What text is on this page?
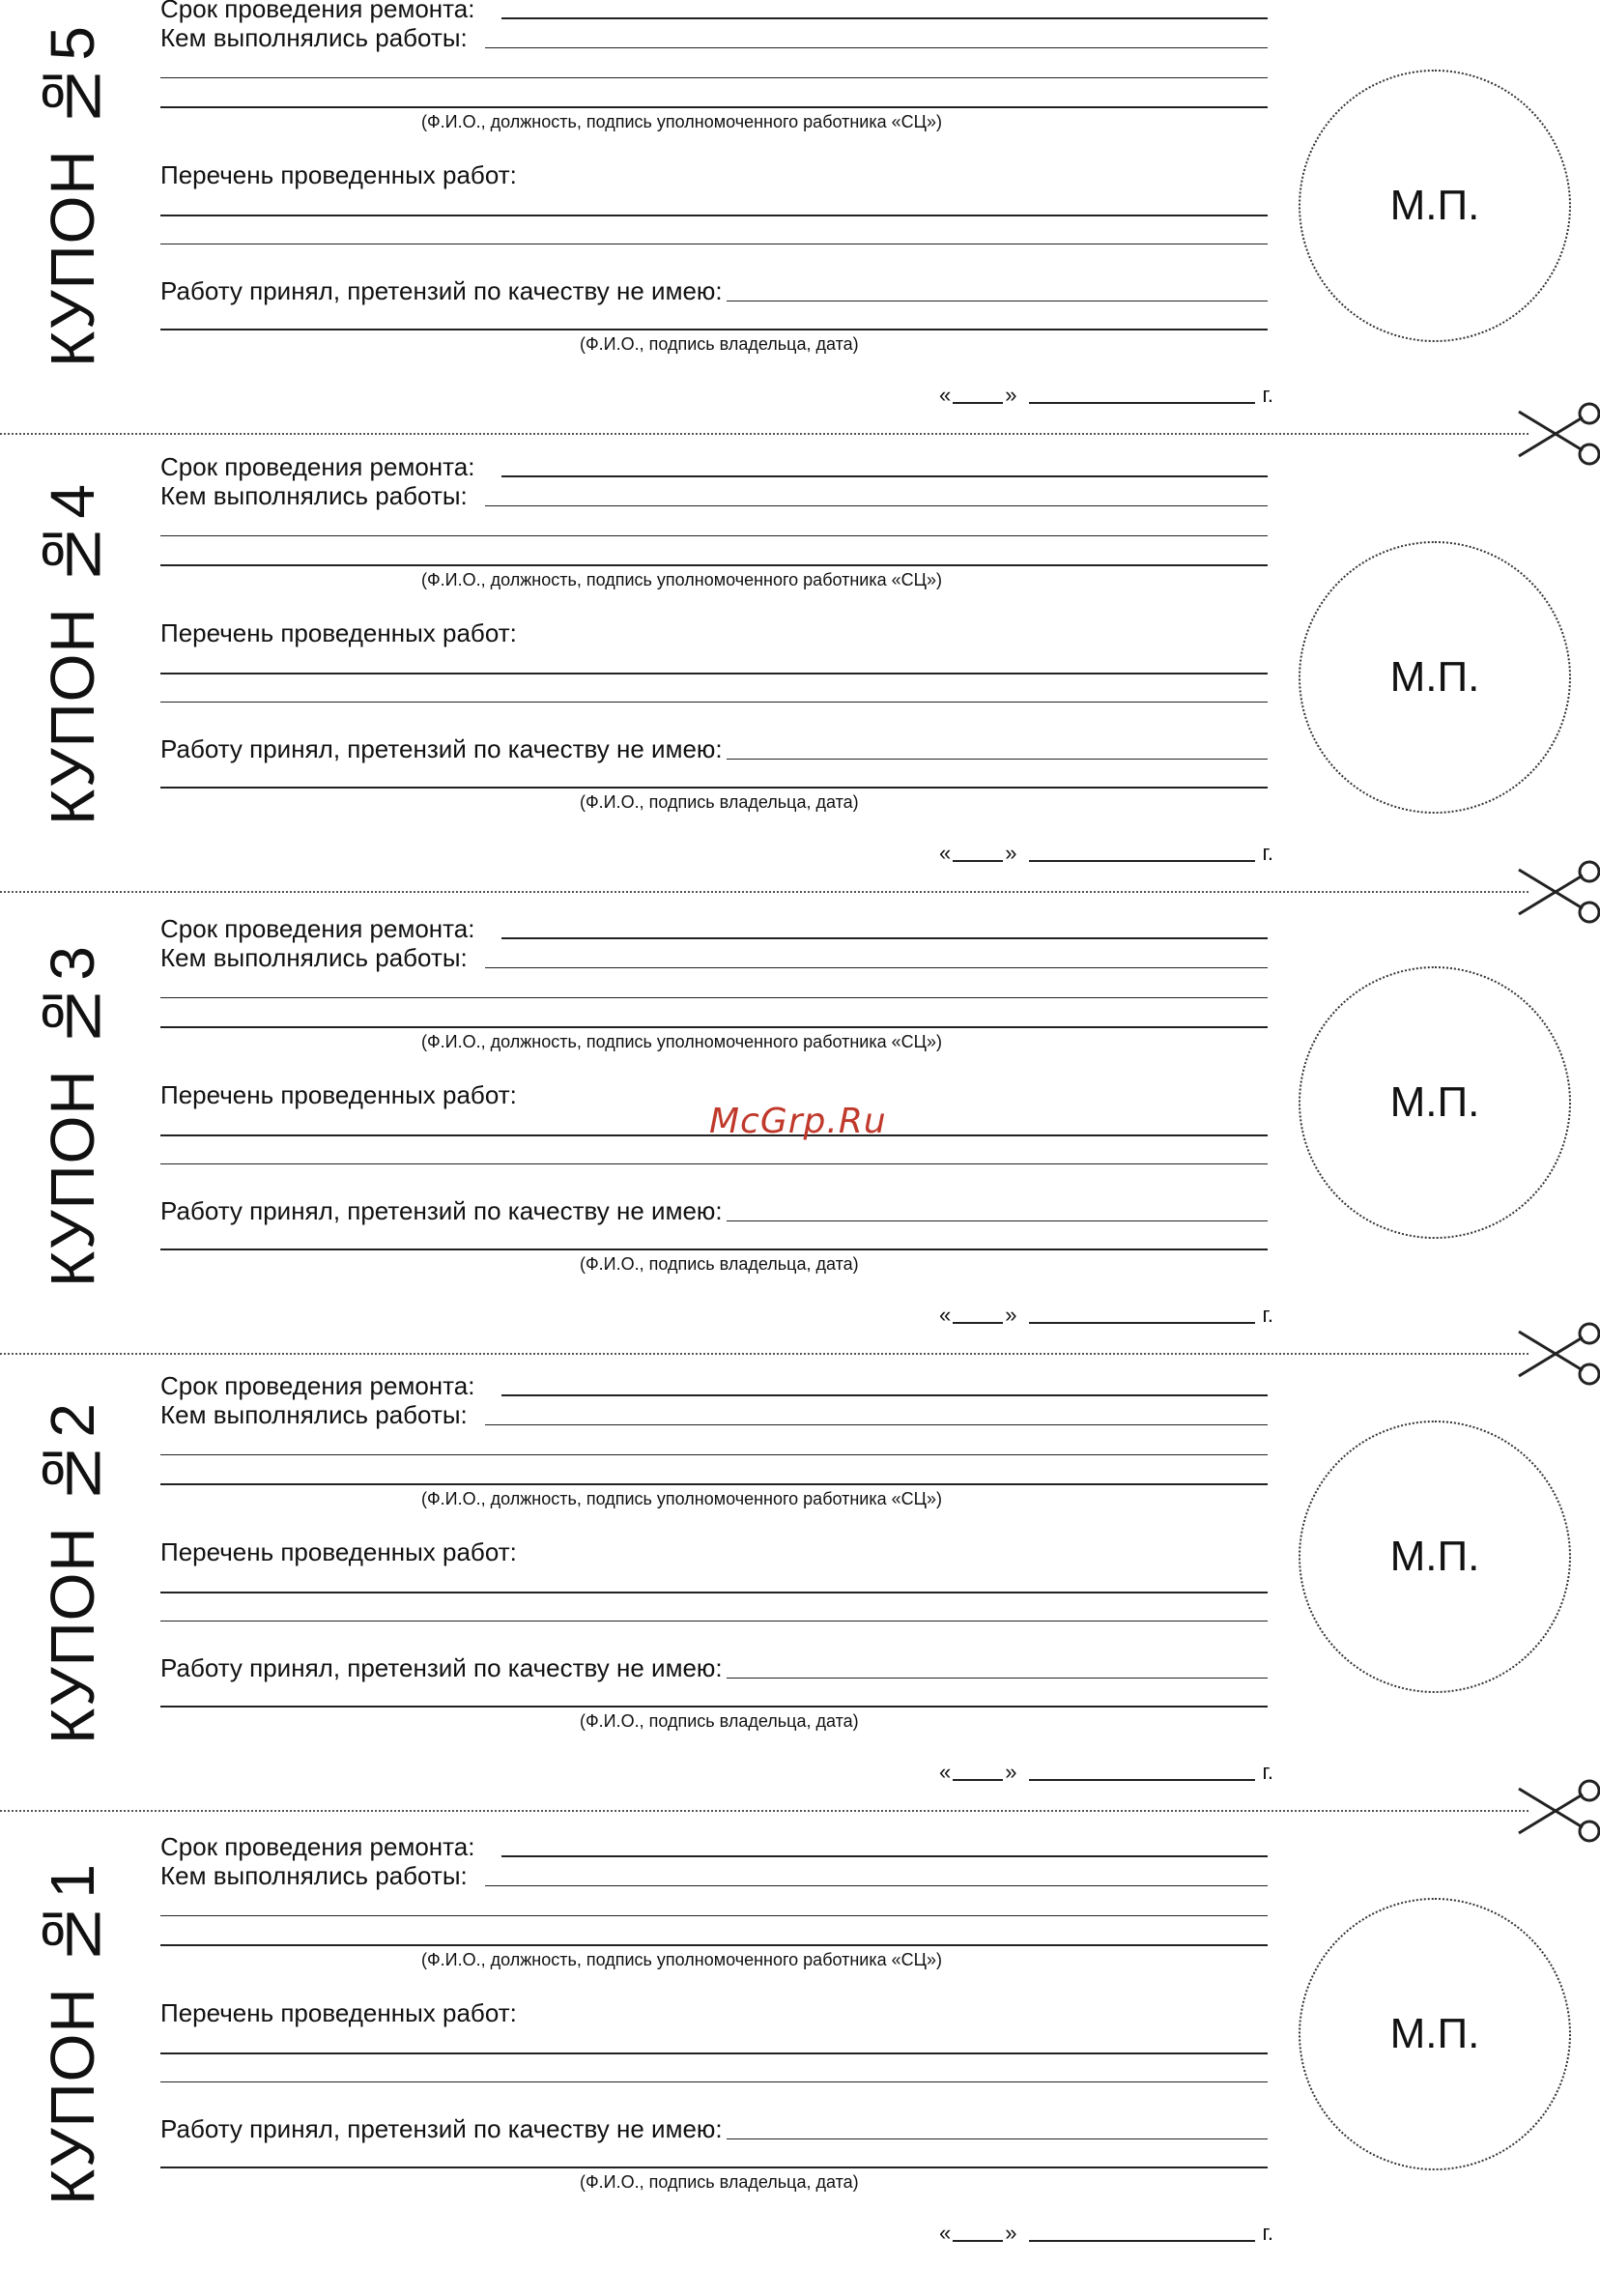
КУПОН №5
Срок проведения ремонта:
Кем выполнялись работы:
(Ф.И.О., должность, подпись уполномоченного работника «СЦ»)
Перечень проведенных работ:
Работу принял, претензий по качеству не имею:
(Ф.И.О., подпись владельца, дата)
«	»	г.
М.П.
КУПОН №4
Срок проведения ремонта:
Кем выполнялись работы:
(Ф.И.О., должность, подпись уполномоченного работника «СЦ»)
Перечень проведенных работ:
Работу принял, претензий по качеству не имею:
(Ф.И.О., подпись владельца, дата)
«	»	г.
М.П.
КУПОН №3
Срок проведения ремонта:
Кем выполнялись работы:
(Ф.И.О., должность, подпись уполномоченного работника «СЦ»)
Перечень проведенных работ:
Работу принял, претензий по качеству не имею:
(Ф.И.О., подпись владельца, дата)
«	»	г.
М.П.
КУПОН №2
Срок проведения ремонта:
Кем выполнялись работы:
(Ф.И.О., должность, подпись уполномоченного работника «СЦ»)
Перечень проведенных работ:
Работу принял, претензий по качеству не имею:
(Ф.И.О., подпись владельца, дата)
«	»	г.
М.П.
КУПОН №1
Срок проведения ремонта:
Кем выполнялись работы:
(Ф.И.О., должность, подпись уполномоченного работника «СЦ»)
Перечень проведенных работ:
Работу принял, претензий по качеству не имею:
(Ф.И.О., подпись владельца, дата)
«	»	г.
М.П.
McGrp.Ru
